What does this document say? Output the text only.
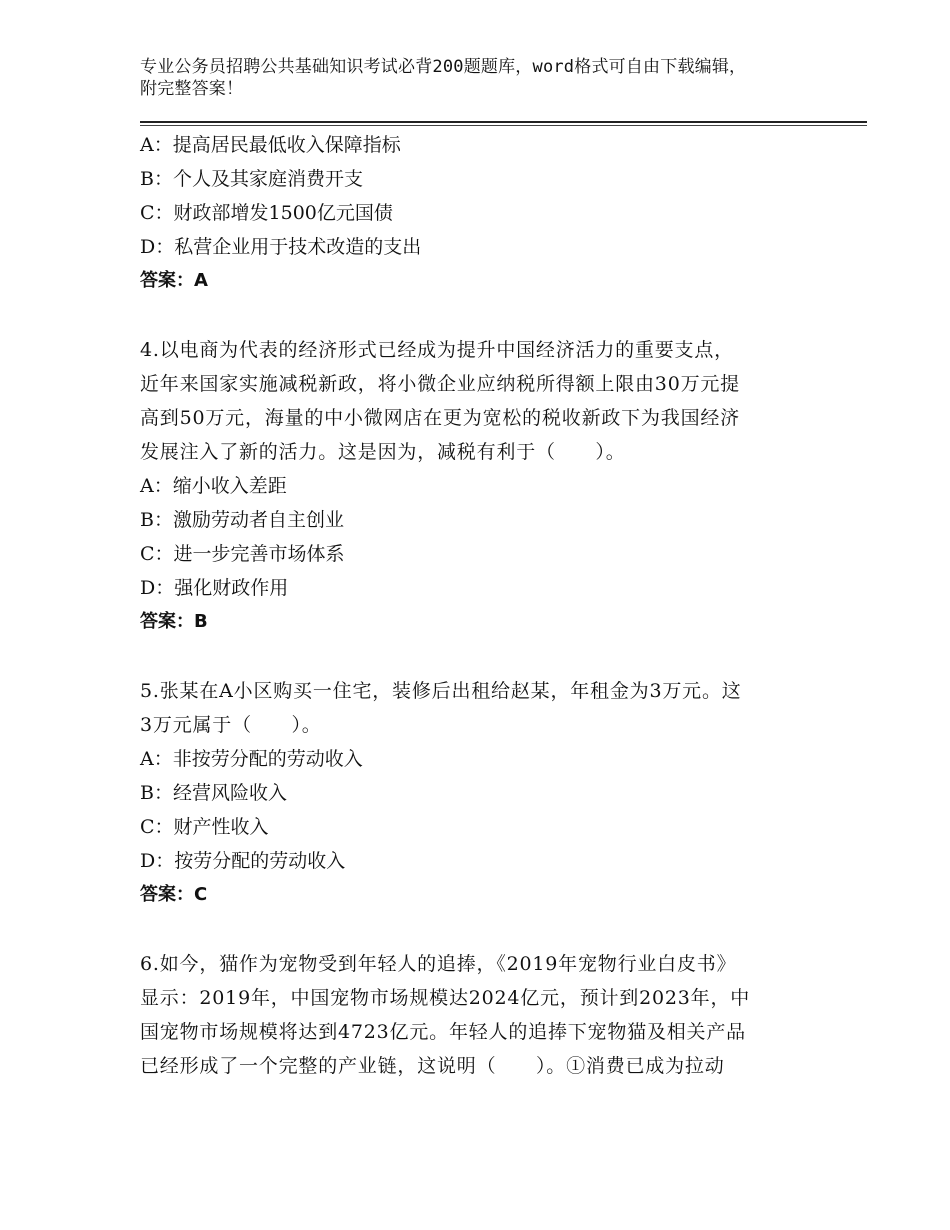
专业公务员招聘公共基础知识考试必背200题题库，word格式可自由下载编辑，
附完整答案！
A：提高居民最低收入保障指标
B：个人及其家庭消费开支
C：财政部增发1500亿元国债
D：私营企业用于技术改造的支出
答案：A
4.以电商为代表的经济形式已经成为提升中国经济活力的重要支点，
近年来国家实施减税新政，将小微企业应纳税所得额上限由30万元提
高到50万元，海量的中小微网店在更为宽松的税收新政下为我国经济
发展注入了新的活力。这是因为，减税有利于（　　）。
A：缩小收入差距
B：激励劳动者自主创业
C：进一步完善市场体系
D：强化财政作用
答案：B
5.张某在A小区购买一住宅，装修后出租给赵某，年租金为3万元。这
3万元属于（　　）。
A：非按劳分配的劳动收入
B：经营风险收入
C：财产性收入
D：按劳分配的劳动收入
答案：C
6.如今，猫作为宠物受到年轻人的追捧，《2019年宠物行业白皮书》
显示：2019年，中国宠物市场规模达2024亿元，预计到2023年，中
国宠物市场规模将达到4723亿元。年轻人的追捧下宠物猫及相关产品
已经形成了一个完整的产业链，这说明（　　）。①消费已成为拉动
